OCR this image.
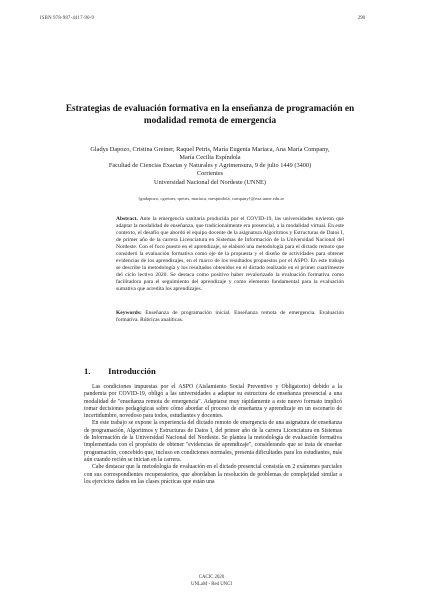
ISBN 978-987-4417-90-9	290
Estrategias de evaluación formativa en la enseñanza de programación en modalidad remota de emergencia
Gladys Dapozo, Cristina Greiner, Raquel Petris, María Eugenia Mariaca, Ana María Company, María Cecilia Espíndola
Facultad de Ciencias Exactas y Naturales y Agrimensura, 9 de julio 1449 (3400) Corrientes
Universidad Nacional del Nordeste (UNNE)
{gndapozo, cgreiner, rpetris, mariaca, mespindola, company}@exa.unne.edu.ar
Abstract. Ante la emergencia sanitaria producida por el COVID-19, las universidades tuvieron que adaptar la modalidad de enseñanza, que tradicionalmente era presencial, a la modalidad virtual. En este contexto, el desafío que abordó el equipo docente de la asignatura Algoritmos y Estructuras de Datos I, de primer año de la carrera Licenciatura en Sistemas de Información de la Universidad Nacional del Nordeste. Con el foco puesto en el aprendizaje, se elaboró una metodología para el dictado remoto que consideró la evaluación formativa como eje de la propuesta y el diseño de actividades para obtener evidencias de los aprendizajes, en el marco de los resultados propuestos por el ASPO. En este trabajo se describe la metodología y los resultados obtenidos en el dictado realizado en el primer cuatrimestre del ciclo lectivo 2020. Se destaca como positivo haber revalorizado la evaluación formativa como facilitadora para el seguimiento del aprendizaje y como elemento fundamental para la evaluación sumativa que acredita los aprendizajes.
Keywords: Enseñanza de programación inicial. Enseñanza remota de emergencia. Evaluación formativa. Rúbricas analíticas.
1. Introducción

Las condiciones impuestas por el ASPO (Aislamiento Social Preventivo y Obligatorio) debido a la pandemia por COVID-19, obligó a las universidades a adaptar su estructura de enseñanza presencial a una modalidad de "enseñanza remota de emergencia". Adaptarse muy rápidamente a este nuevo formato implicó tomar decisiones pedagógicas sobre cómo abordar el proceso de enseñanza y aprendizaje en un escenario de incertidumbre, novedoso para todos, estudiantes y docentes.

En este trabajo se expone la experiencia del dictado remoto de emergencia de una asignatura de enseñanza de programación, Algoritmos y Estructuras de Datos I, del primer año de la carrera Licenciatura en Sistemas de Información de la Universidad Nacional del Nordeste. Se plantea la metodología de evaluación formativa implementada con el propósito de obtener "evidencias de aprendizaje", considerando que se trata de enseñar programación, concebido que, incluso en condiciones normales, presenta dificultades para los estudiantes, más aún cuando recién se inician en la carrera.

Cabe destacar que la metodología de evaluación en el dictado presencial consistía en 2 exámenes parciales con sus correspondientes recuperatorios, que abordaban la resolución de problemas de complejidad similar a los ejercicios dados en las clases prácticas que están una

CACIC 2020
UNLaM - Red UNCI
